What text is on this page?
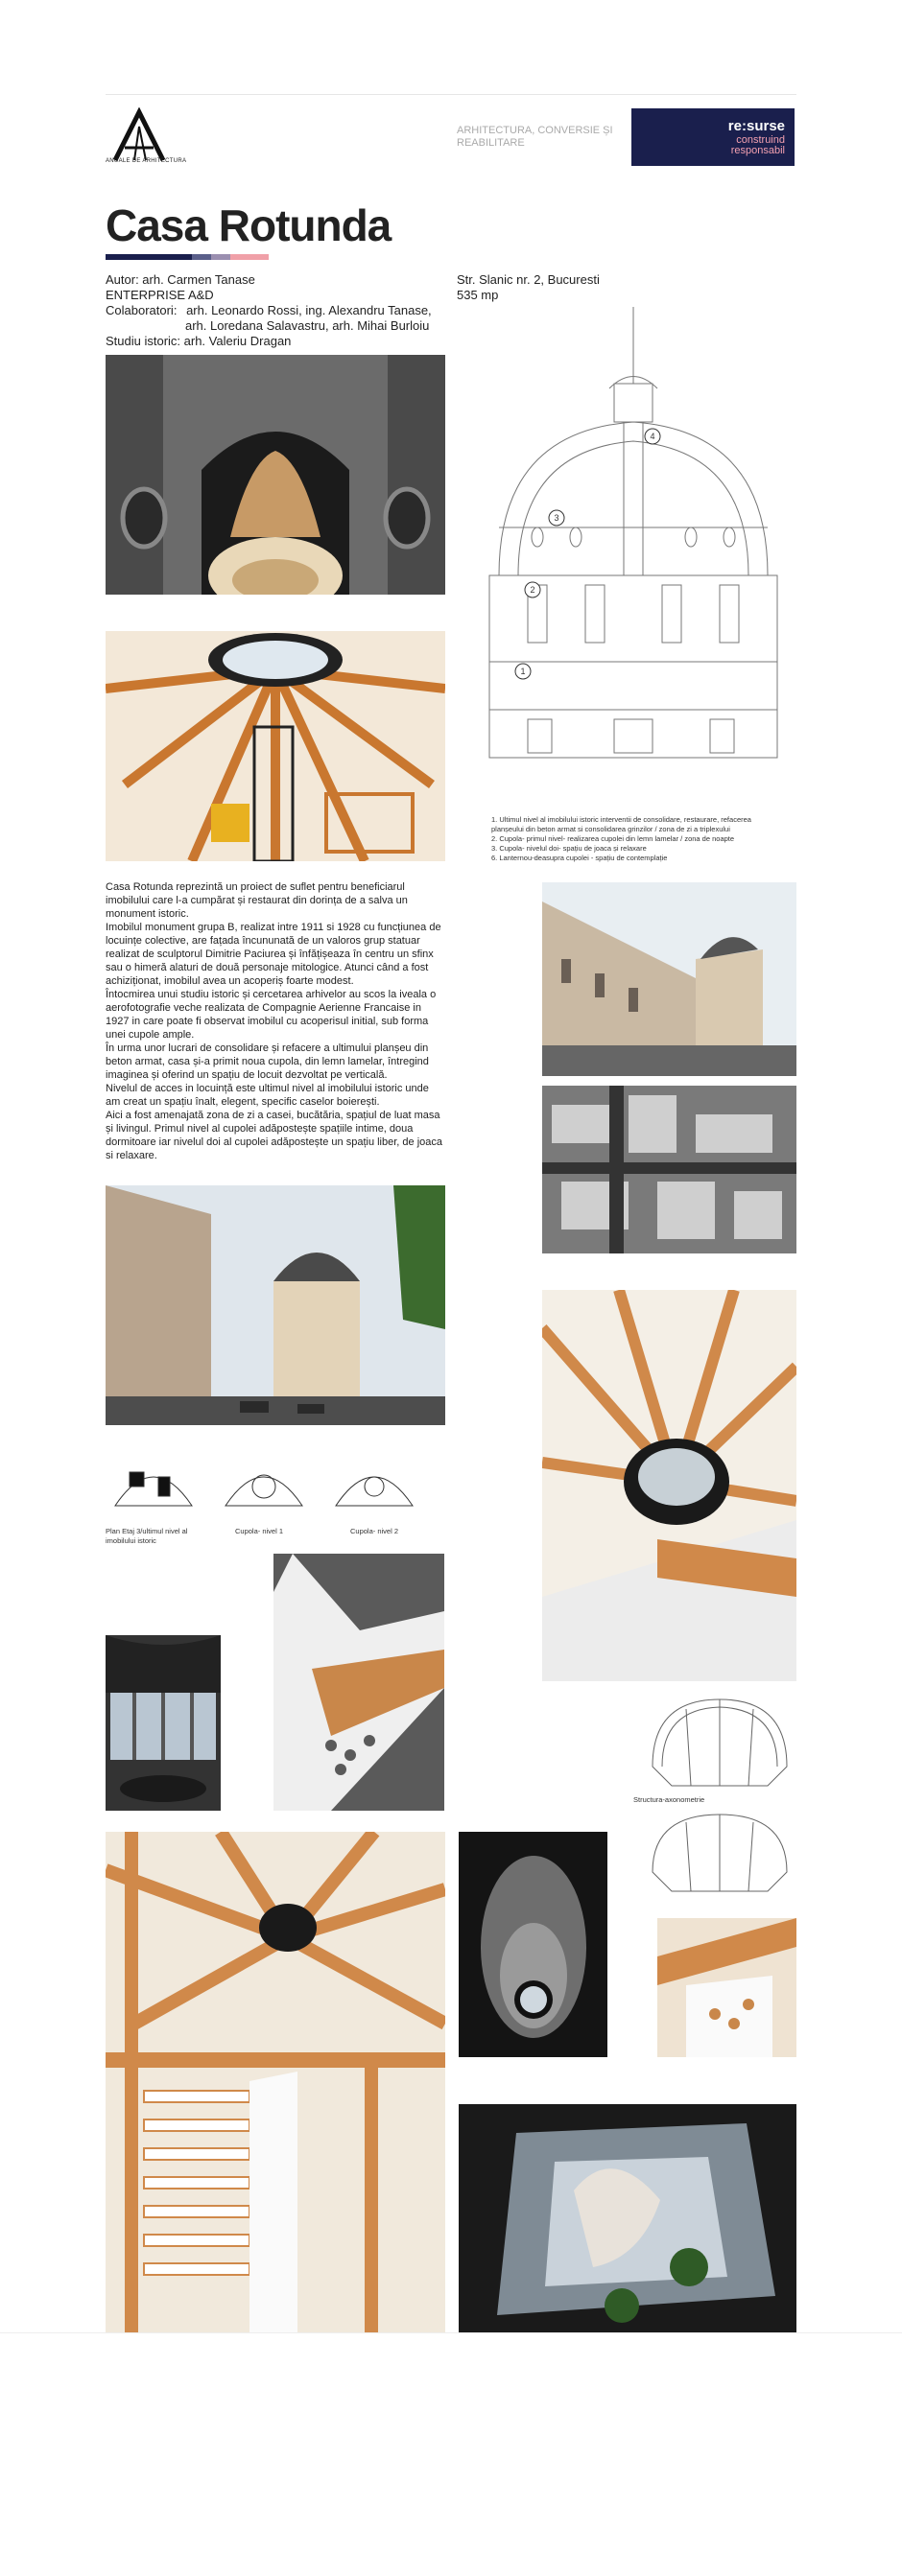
ANUALE DE ARHITECTURA
ARHITECTURA, CONVERSIE ȘI REABILITARE
re:surse
construind
responsabil
Casa Rotunda
Autor: arh. Carmen Tanase
ENTERPRISE A&D
Colaboratori: arh. Leonardo Rossi, ing. Alexandru Tanase,
arh. Loredana Salavastru, arh. Mihai Burloiu
Studiu istoric: arh. Valeriu Dragan
Str. Slanic nr. 2, Bucuresti
535 mp
1
2
3
4
1. Ultimul nivel al imobilului istoric interventii de consolidare, restaurare, refacerea planșeului din beton armat si consolidarea grinzilor / zona de zi a triplexului
2. Cupola- primul nivel- realizarea cupolei din lemn lamelar / zona de noapte
3. Cupola- nivelul doi- spațiu de joaca și relaxare
6. Lanternou-deasupra cupolei - spațiu de contemplație

Casa Rotunda reprezintă un proiect de suflet pentru beneficiarul imobilului care l-a cumpărat și restaurat din dorința de a salva un monument istoric.

Imobilul monument grupa B, realizat intre 1911 si 1928 cu funcțiunea de locuințe colective, are fațada încununată de un valoros grup statuar realizat de sculptorul Dimitrie Paciurea și înfățișeaza în centru un sfinx sau o himeră alaturi de două personaje mitologice. Atunci când a fost achiziționat, imobilul avea un acoperiș foarte modest.

Întocmirea unui studiu istoric și cercetarea arhivelor au scos la iveala o aerofotografie veche realizata de Compagnie Aerienne Francaise in 1927 in care poate fi observat imobilul cu acoperisul initial, sub forma unei cupole ample.

În urma unor lucrari de consolidare și refacere a ultimului planșeu din beton armat, casa și-a primit noua cupola, din lemn lamelar, întregind imaginea și oferind un spațiu de locuit dezvoltat pe verticală.

Nivelul de acces in locuință este ultimul nivel al imobilului istoric unde am creat un spațiu înalt, elegent, specific caselor boierești.

Aici a fost amenajată zona de zi a casei, bucătăria, spațiul de luat masa și livingul. Primul nivel al cupolei adăpostește spațiile intime, doua dormitoare iar nivelul doi al cupolei adăpostește un spațiu liber, de joaca si relaxare.

Plan Etaj 3/ultimul nivel al imobilului istoric
Cupola- nivel 1	Cupola- nivel 2
Structura-axonometrie
